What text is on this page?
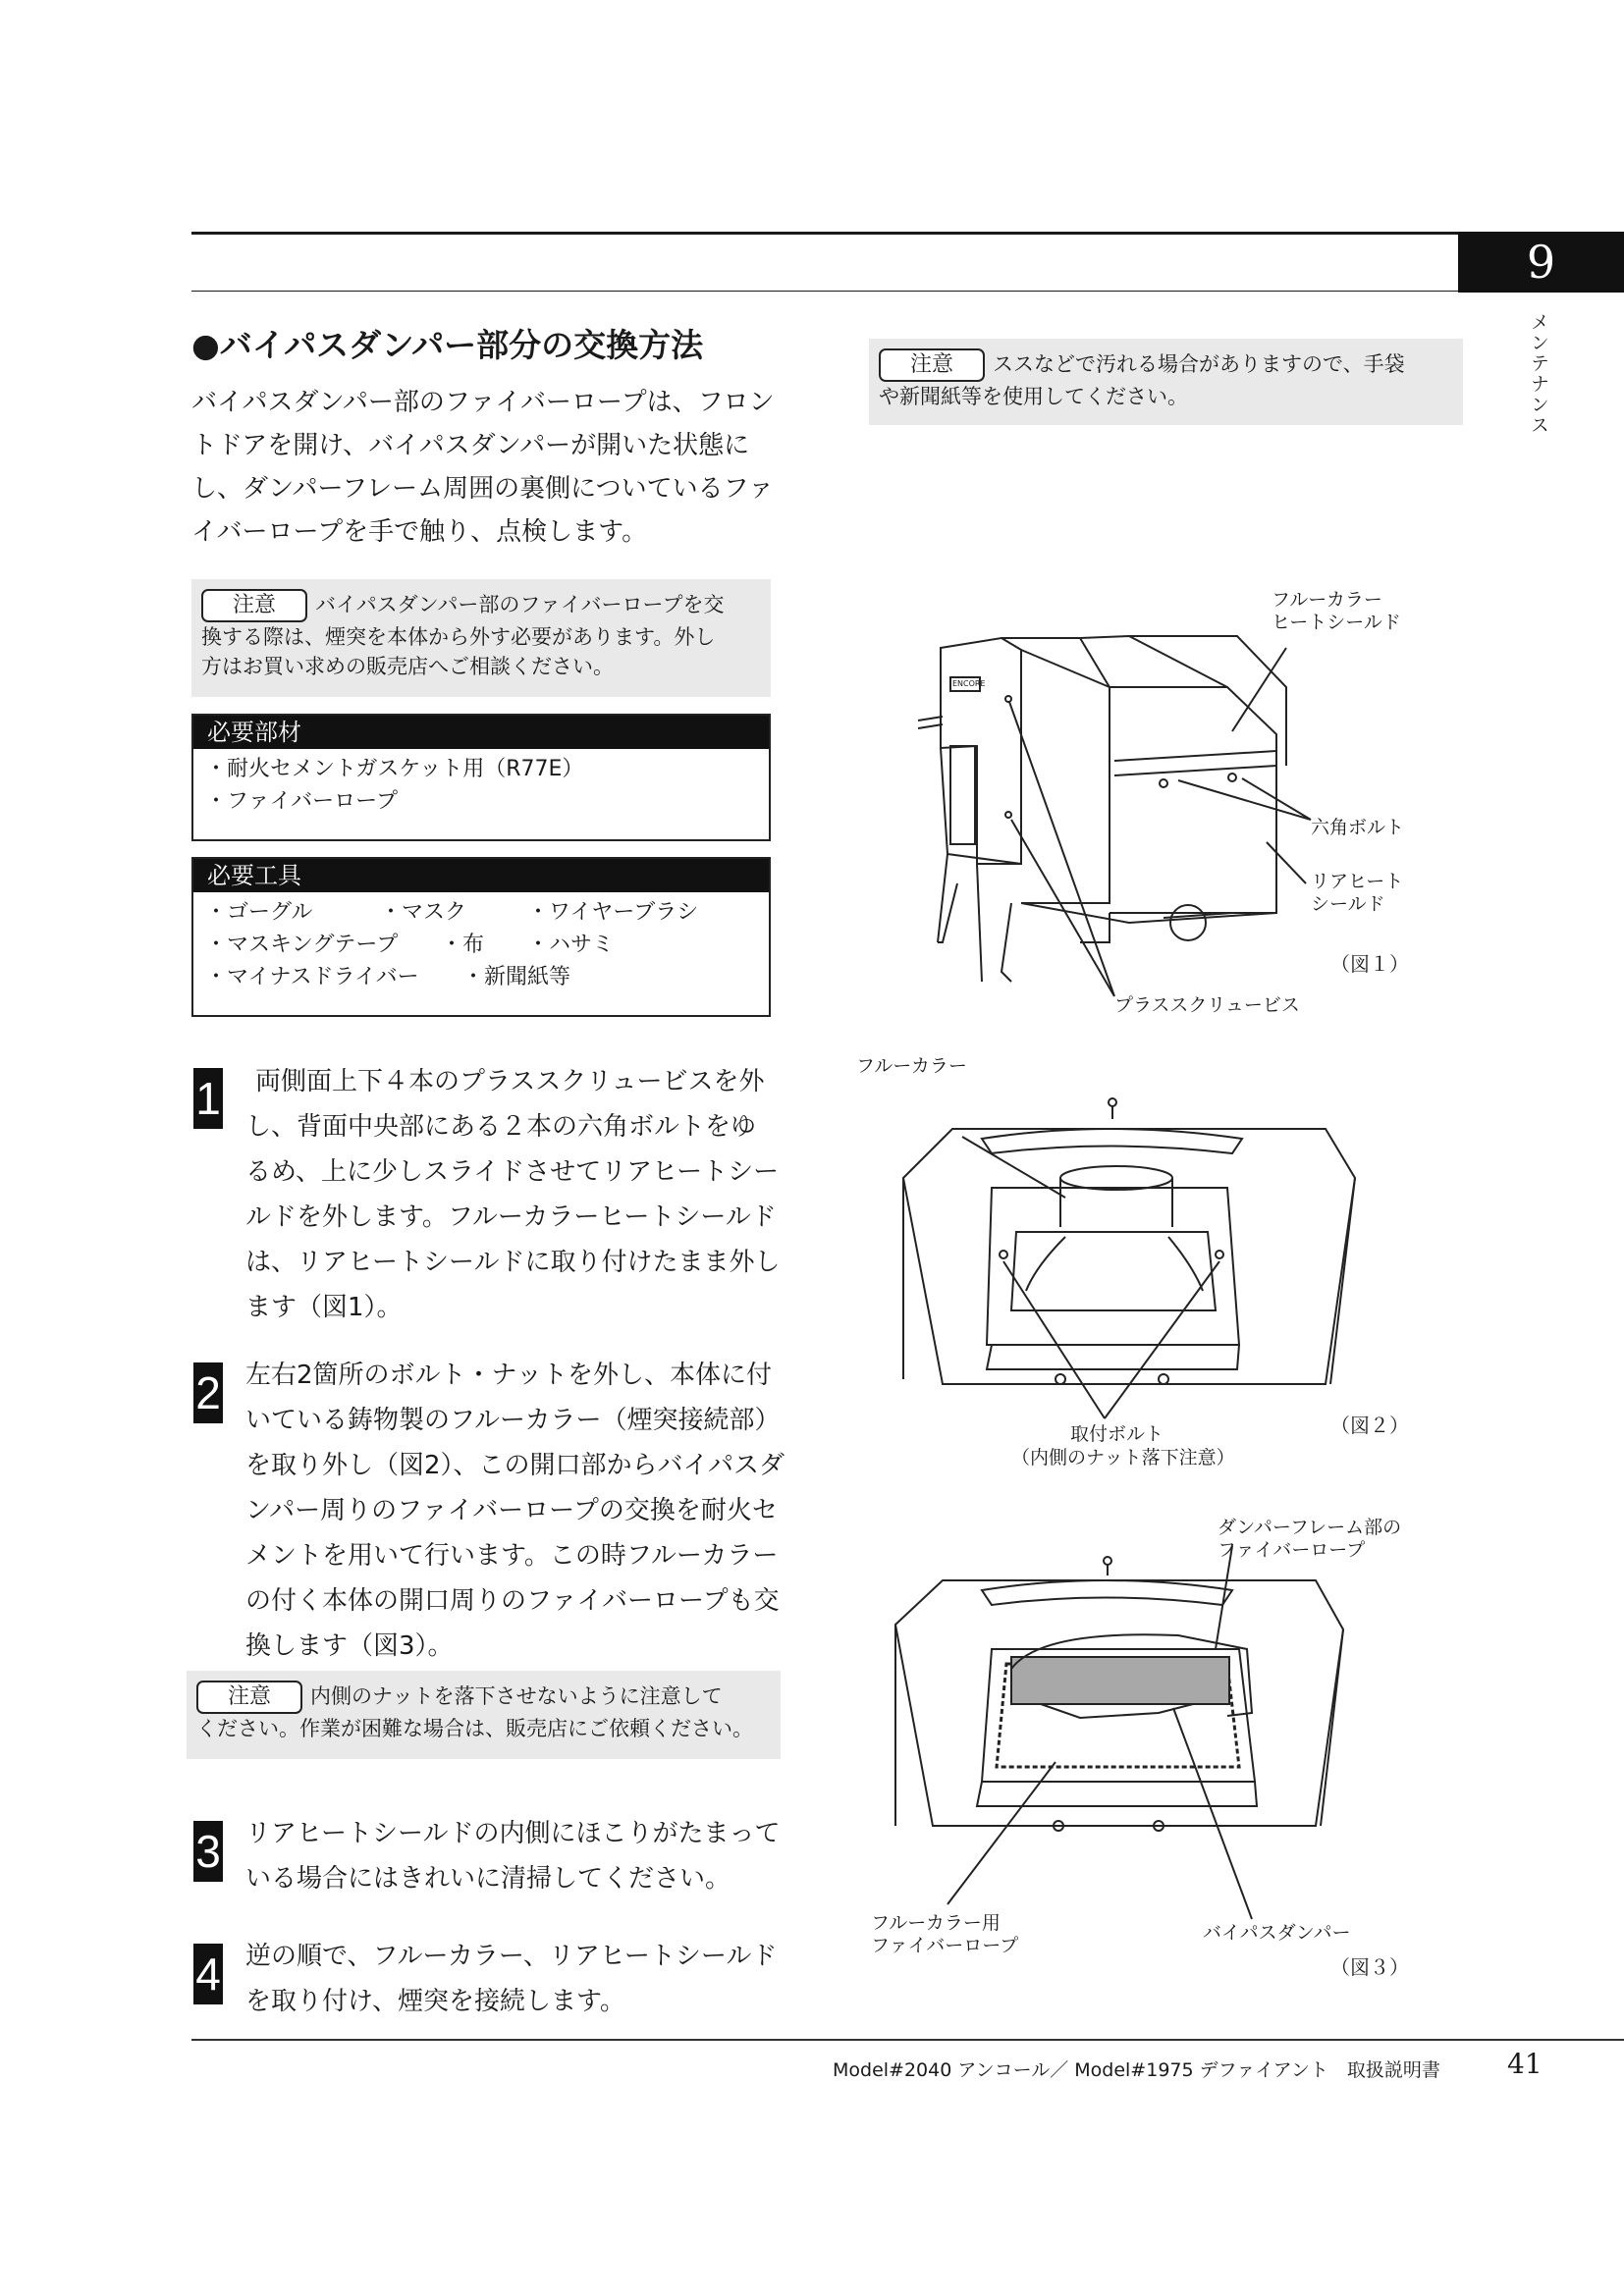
9
メンテナンス
●バイパスダンパー部分の交換方法
バイパスダンパー部のファイバーロープは、フロン
トドアを開け、バイパスダンパーが開いた状態に
し、ダンパーフレーム周囲の裏側についているファ
イバーロープを手で触り、点検します。
注意 バイパスダンパー部のファイバーロープを交
換する際は、煙突を本体から外す必要があります。外し
方はお買い求めの販売店へご相談ください。
必要部材
・耐火セメントガスケット用（R77E）
・ファイバーロープ
必要工具
・ゴーグル	・マスク	・ワイヤーブラシ
・マスキングテープ	・布	・ハサミ
・マイナスドライバー	・新聞紙等
1	両側面上下４本のプラススクリュービスを外
し、背面中央部にある２本の六角ボルトをゆ
るめ、上に少しスライドさせてリアヒートシー
ルドを外します。フルーカラーヒートシールド
は、リアヒートシールドに取り付けたまま外し
ます（図1）。
2 左右2箇所のボルト・ナットを外し、本体に付
いている鋳物製のフルーカラー（煙突接続部）
を取り外し（図2）、この開口部からバイパスダ
ンパー周りのファイバーロープの交換を耐火セ
メントを用いて行います。この時フルーカラー
の付く本体の開口周りのファイバーロープも交
換します（図3）。
注意 内側のナットを落下させないように注意して
ください。作業が困難な場合は、販売店にご依頼ください。
3 リアヒートシールドの内側にほこりがたまって
いる場合にはきれいに清掃してください。
4 逆の順で、フルーカラー、リアヒートシールド
を取り付け、煙突を接続します。
注意 ススなどで汚れる場合がありますので、手袋
や新聞紙等を使用してください。
フルーカラー
ヒートシールド
六角ボルト
リアヒート
シールド
プラススクリュービス
ENCORE
（図１）
フルーカラー
取付ボルト
（内側のナット落下注意）
（図２）
ダンパーフレーム部の
ファイバーロープ
フルーカラー用
ファイバーロープ
バイパスダンパー
（図３）
Model#2040 アンコール／ Model#1975 デファイアント　取扱説明書 41
